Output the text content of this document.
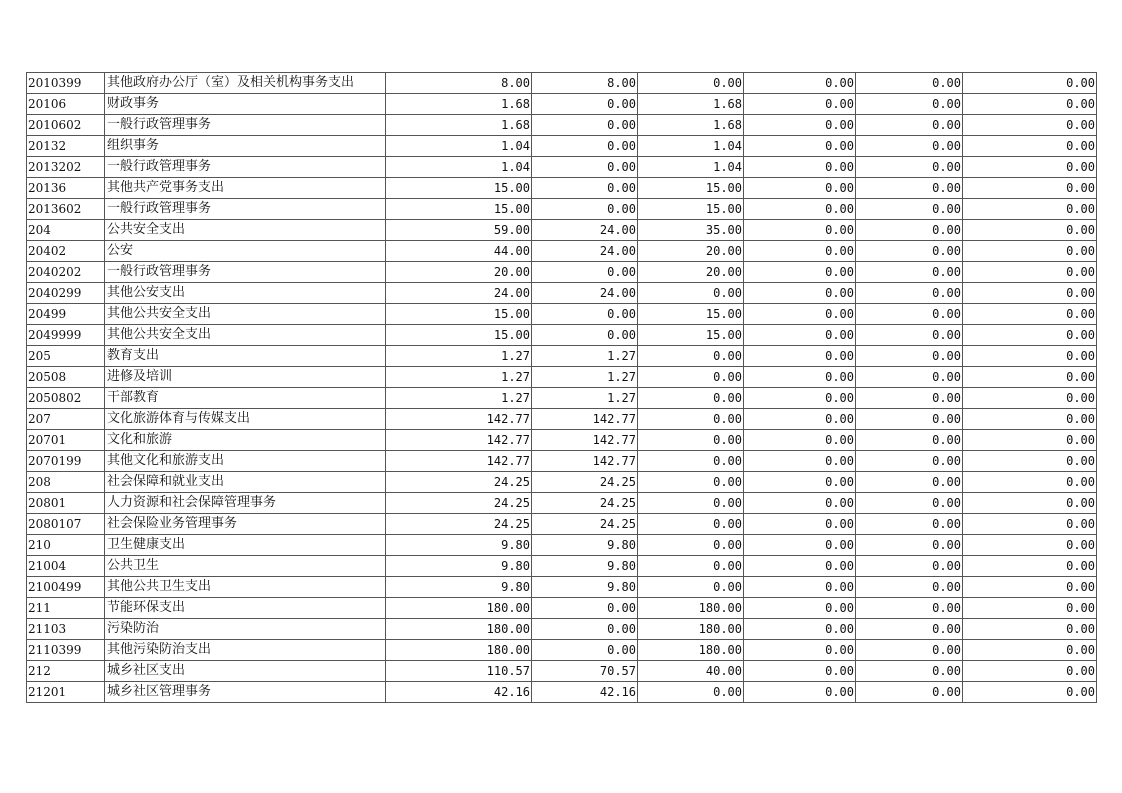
2010399	其他政府办公厅（室）及相关机构事务支出	8.00	8.00	0.00	0.00	0.00	0.00
20106	财政事务	1.68	0.00	1.68	0.00	0.00	0.00
2010602	一般行政管理事务	1.68	0.00	1.68	0.00	0.00	0.00
20132	组织事务	1.04	0.00	1.04	0.00	0.00	0.00
2013202	一般行政管理事务	1.04	0.00	1.04	0.00	0.00	0.00
20136	其他共产党事务支出	15.00	0.00	15.00	0.00	0.00	0.00
2013602	一般行政管理事务	15.00	0.00	15.00	0.00	0.00	0.00
204	公共安全支出	59.00	24.00	35.00	0.00	0.00	0.00
20402	公安	44.00	24.00	20.00	0.00	0.00	0.00
2040202	一般行政管理事务	20.00	0.00	20.00	0.00	0.00	0.00
2040299	其他公安支出	24.00	24.00	0.00	0.00	0.00	0.00
20499	其他公共安全支出	15.00	0.00	15.00	0.00	0.00	0.00
2049999	其他公共安全支出	15.00	0.00	15.00	0.00	0.00	0.00
205	教育支出	1.27	1.27	0.00	0.00	0.00	0.00
20508	进修及培训	1.27	1.27	0.00	0.00	0.00	0.00
2050802	干部教育	1.27	1.27	0.00	0.00	0.00	0.00
207	文化旅游体育与传媒支出	142.77	142.77	0.00	0.00	0.00	0.00
20701	文化和旅游	142.77	142.77	0.00	0.00	0.00	0.00
2070199	其他文化和旅游支出	142.77	142.77	0.00	0.00	0.00	0.00
208	社会保障和就业支出	24.25	24.25	0.00	0.00	0.00	0.00
20801	人力资源和社会保障管理事务	24.25	24.25	0.00	0.00	0.00	0.00
2080107	社会保险业务管理事务	24.25	24.25	0.00	0.00	0.00	0.00
210	卫生健康支出	9.80	9.80	0.00	0.00	0.00	0.00
21004	公共卫生	9.80	9.80	0.00	0.00	0.00	0.00
2100499	其他公共卫生支出	9.80	9.80	0.00	0.00	0.00	0.00
211	节能环保支出	180.00	0.00	180.00	0.00	0.00	0.00
21103	污染防治	180.00	0.00	180.00	0.00	0.00	0.00
2110399	其他污染防治支出	180.00	0.00	180.00	0.00	0.00	0.00
212	城乡社区支出	110.57	70.57	40.00	0.00	0.00	0.00
21201	城乡社区管理事务	42.16	42.16	0.00	0.00	0.00	0.00
